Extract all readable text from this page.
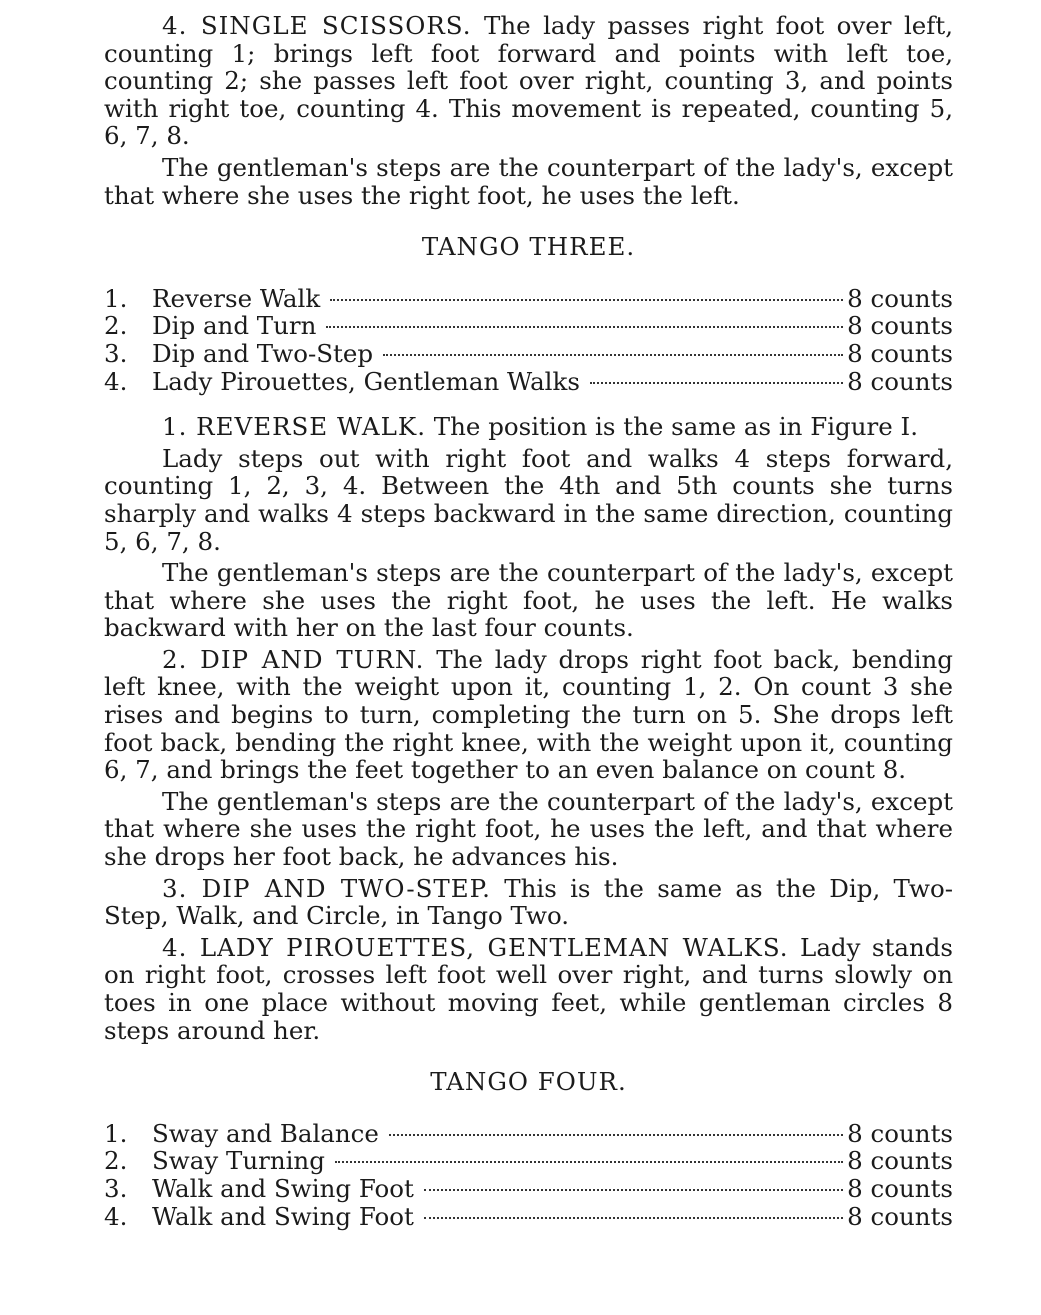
4. SINGLE SCISSORS. The lady passes right foot over left, counting 1; brings left foot forward and points with left toe, counting 2; she passes left foot over right, counting 3, and points with right toe, counting 4. This movement is repeated, counting 5, 6, 7, 8.

The gentleman's steps are the counterpart of the lady's, except that where she uses the right foot, he uses the left.

TANGO THREE.
1.	Reverse Walk	8 counts
2.	Dip and Turn	8 counts
3.	Dip and Two-Step	8 counts
4.	Lady Pirouettes, Gentleman Walks	8 counts

1. REVERSE WALK. The position is the same as in Figure I.

Lady steps out with right foot and walks 4 steps forward, counting 1, 2, 3, 4. Between the 4th and 5th counts she turns sharply and walks 4 steps backward in the same direction, counting 5, 6, 7, 8.

The gentleman's steps are the counterpart of the lady's, except that where she uses the right foot, he uses the left. He walks backward with her on the last four counts.

2. DIP AND TURN. The lady drops right foot back, bending left knee, with the weight upon it, counting 1, 2. On count 3 she rises and begins to turn, completing the turn on 5. She drops left foot back, bending the right knee, with the weight upon it, counting 6, 7, and brings the feet together to an even balance on count 8.

The gentleman's steps are the counterpart of the lady's, except that where she uses the right foot, he uses the left, and that where she drops her foot back, he advances his.

3. DIP AND TWO-STEP. This is the same as the Dip, Two-Step, Walk, and Circle, in Tango Two.

4. LADY PIROUETTES, GENTLEMAN WALKS. Lady stands on right foot, crosses left foot well over right, and turns slowly on toes in one place without moving feet, while gentleman circles 8 steps around her.

TANGO FOUR.
1.	Sway and Balance	8 counts
2.	Sway Turning	8 counts
3.	Walk and Swing Foot	8 counts
4.	Walk and Swing Foot	8 counts
